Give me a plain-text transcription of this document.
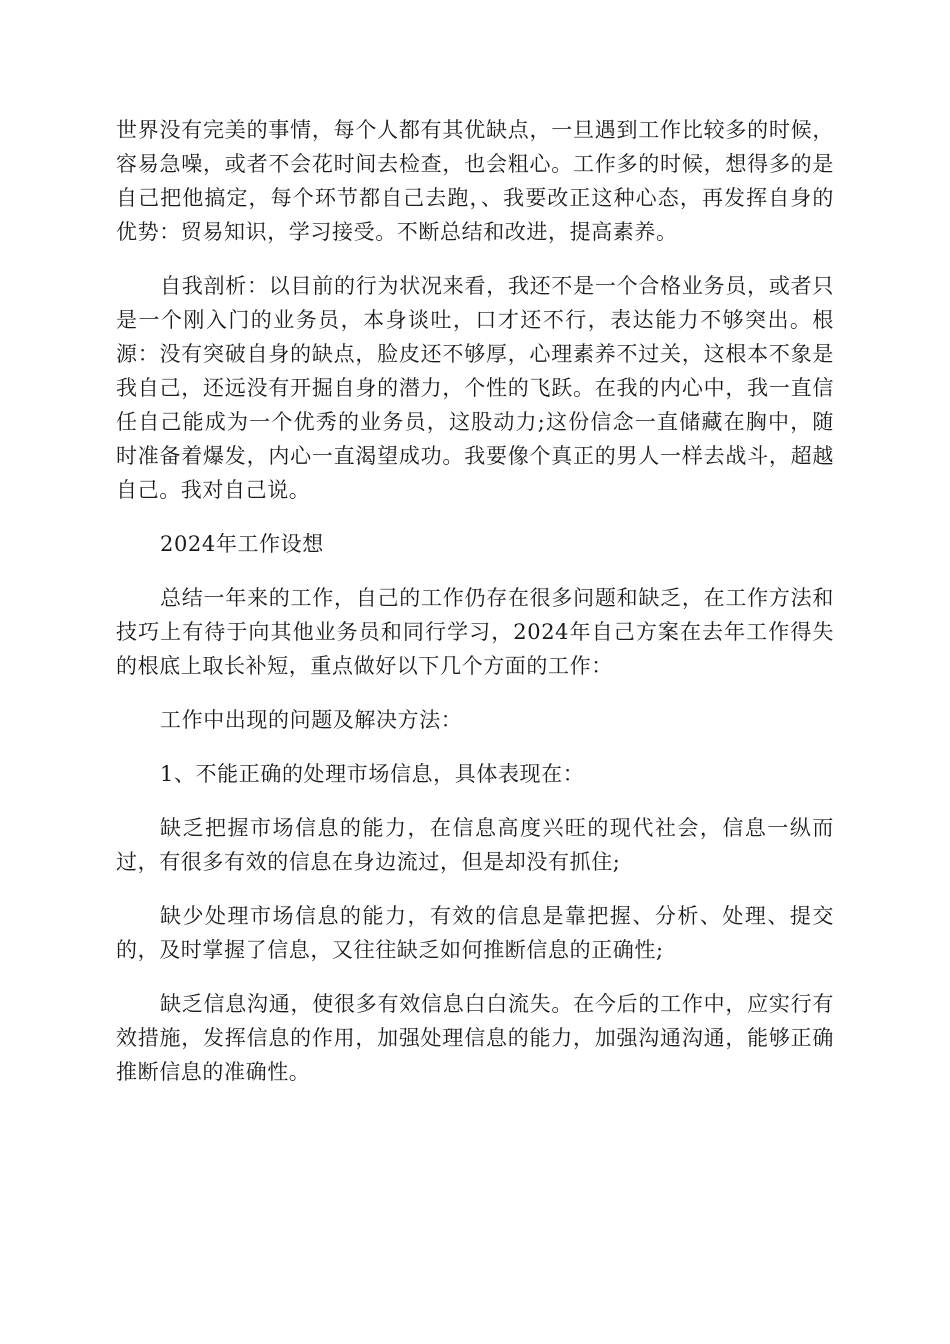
世界没有完美的事情，每个人都有其优缺点，一旦遇到工作比较多的时候，容易急噪，或者不会花时间去检查，也会粗心。工作多的时候，想得多的是自己把他搞定，每个环节都自己去跑，、我要改正这种心态，再发挥自身的优势：贸易知识，学习接受。不断总结和改进，提高素养。

自我剖析：以目前的行为状况来看，我还不是一个合格业务员，或者只是一个刚入门的业务员，本身谈吐，口才还不行，表达能力不够突出。根源：没有突破自身的缺点，脸皮还不够厚，心理素养不过关，这根本不象是我自己，还远没有开掘自身的潜力，个性的飞跃。在我的内心中，我一直信任自己能成为一个优秀的业务员，这股动力;这份信念一直储藏在胸中，随时准备着爆发，内心一直渴望成功。我要像个真正的男人一样去战斗，超越自己。我对自己说。

2024年工作设想

总结一年来的工作，自己的工作仍存在很多问题和缺乏，在工作方法和技巧上有待于向其他业务员和同行学习，2024年自己方案在去年工作得失的根底上取长补短，重点做好以下几个方面的工作：

工作中出现的问题及解决方法：

1、不能正确的处理市场信息，具体表现在：

缺乏把握市场信息的能力，在信息高度兴旺的现代社会，信息一纵而过，有很多有效的信息在身边流过，但是却没有抓住;

缺少处理市场信息的能力，有效的信息是靠把握、分析、处理、提交的，及时掌握了信息，又往往缺乏如何推断信息的正确性;

缺乏信息沟通，使很多有效信息白白流失。在今后的工作中，应实行有效措施，发挥信息的作用，加强处理信息的能力，加强沟通沟通，能够正确推断信息的准确性。
